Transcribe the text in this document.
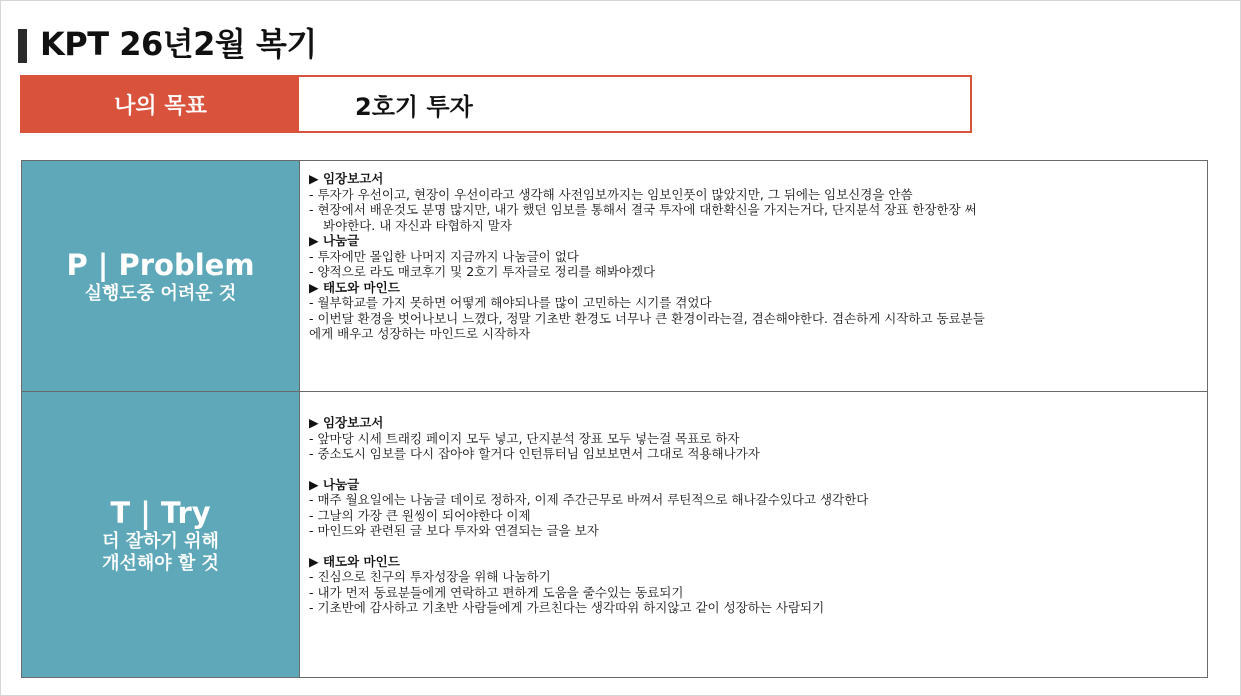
KPT 26년2월 복기
나의 목표	2호기 투자
P | Problem
실행도중 어려운 것
▶ 임장보고서
- 투자가 우선이고, 현장이 우선이라고 생각해 사전임보까지는 임보인풋이 많았지만, 그 뒤에는 임보신경을 안씀
- 현장에서 배운것도 분명 많지만, 내가 했던 임보를 통해서 결국 투자에 대한확신을 가지는거다, 단지분석 장표 한장한장 써
봐야한다. 내 자신과 타협하지 말자
▶ 나눔글
- 투자에만 몰입한 나머지 지금까지 나눔글이 없다
- 양적으로 라도 매코후기 및 2호기 투자글로 정리를 해봐야겠다
▶ 태도와 마인드
- 월부학교를 가지 못하면 어떻게 해야되나를 많이 고민하는 시기를 겪었다
- 이번달 환경을 벗어나보니 느꼈다, 정말 기초반 환경도 너무나 큰 환경이라는걸, 겸손해야한다. 겸손하게 시작하고 동료분들
에게 배우고 성장하는 마인드로 시작하자
T | Try
더 잘하기 위해
개선해야 할 것
▶ 임장보고서
- 앞마당 시세 트래킹 페이지 모두 넣고, 단지분석 장표 모두 넣는걸 목표로 하자
- 중소도시 임보를 다시 잡아야 할거다 인턴튜터님 임보보면서 그대로 적용해나가자
▶ 나눔글
- 매주 월요일에는 나눔글 데이로 정하자, 이제 주간근무로 바껴서 루틴적으로 해나갈수있다고 생각한다
- 그날의 가장 큰 원씽이 되어야한다 이제
- 마인드와 관련된 글 보다 투자와 연결되는 글을 보자
▶ 태도와 마인드
- 진심으로 친구의 투자성장을 위해 나눔하기
- 내가 먼저 동료분들에게 연락하고 편하게 도움을 줄수있는 동료되기
- 기초반에 감사하고 기초반 사람들에게 가르친다는 생각따위 하지않고 같이 성장하는 사람되기
